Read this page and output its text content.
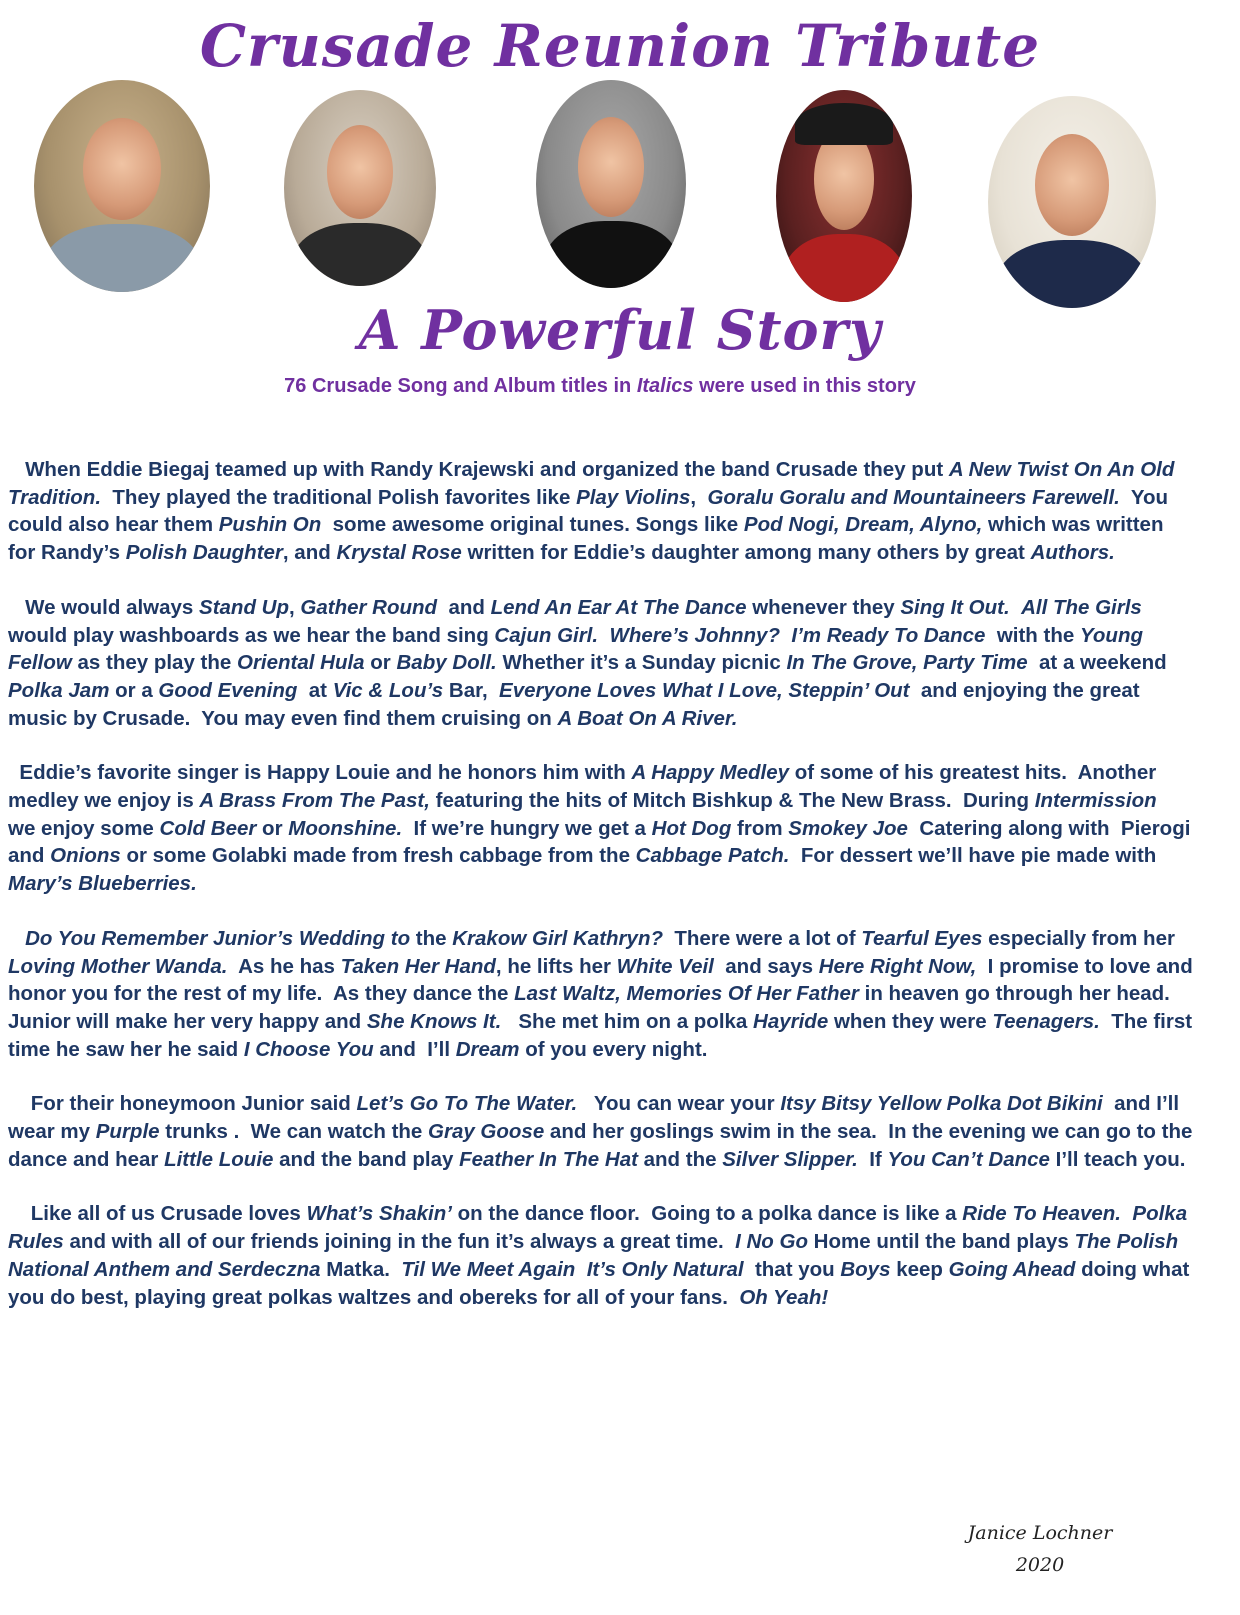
Crusade Reunion Tribute
A Powerful Story
76 Crusade Song and Album titles in Italics were used in this story

When Eddie Biegaj teamed up with Randy Krajewski and organized the band Crusade they put A New Twist On An Old Tradition.  They played the traditional Polish favorites like Play Violins,  Goralu Goralu and Mountaineers Farewell.  You could also hear them Pushin On  some awesome original tunes. Songs like Pod Nogi, Dream, Alyno, which was written for Randy’s Polish Daughter, and Krystal Rose written for Eddie’s daughter among many others by great Authors.

We would always Stand Up, Gather Round  and Lend An Ear At The Dance whenever they Sing It Out. All The Girls  would play washboards as we hear the band sing Cajun Girl. Where’s Johnny? I’m Ready To Dance  with the Young Fellow as they play the Oriental Hula or Baby Doll. Whether it’s a Sunday picnic In The Grove, Party Time  at a weekend Polka Jam or a Good Evening  at Vic & Lou’s Bar,  Everyone Loves What I Love, Steppin’ Out  and enjoying the great music by Crusade.  You may even find them cruising on A Boat On A River.

Eddie’s favorite singer is Happy Louie and he honors him with A Happy Medley of some of his greatest hits.  Another medley we enjoy is A Brass From The Past, featuring the hits of Mitch Bishkup & The New Brass.  During Intermission  we enjoy some Cold Beer or Moonshine.  If we’re hungry we get a Hot Dog from Smokey Joe  Catering along with  Pierogi and Onions or some Golabki made from fresh cabbage from the Cabbage Patch.  For dessert we’ll have pie made with  Mary’s Blueberries.

Do You Remember Junior’s Wedding to the Krakow Girl Kathryn?  There were a lot of Tearful Eyes especially from her Loving Mother Wanda.  As he has Taken Her Hand, he lifts her White Veil  and says Here Right Now,  I promise to love and honor you for the rest of my life.  As they dance the Last Waltz, Memories Of Her Father in heaven go through her head. Junior will make her very happy and She Knows It.   She met him on a polka Hayride when they were Teenagers.  The first time he saw her he said I Choose You and  I’ll Dream of you every night.

For their honeymoon Junior said Let’s Go To The Water.   You can wear your Itsy Bitsy Yellow Polka Dot Bikini  and I’ll wear my Purple trunks .  We can watch the Gray Goose and her goslings swim in the sea.  In the evening we can go to the dance and hear Little Louie and the band play Feather In The Hat and the Silver Slipper.  If You Can’t Dance I’ll teach you.

Like all of us Crusade loves What’s Shakin’ on the dance floor.  Going to a polka dance is like a Ride To Heaven. Polka Rules and with all of our friends joining in the fun it’s always a great time.  I No Go Home until the band plays The Polish National Anthem and Serdeczna Matka.  Til We Meet Again It’s Only Natural  that you Boys keep Going Ahead doing what you do best, playing great polkas waltzes and obereks for all of your fans.  Oh Yeah!

Janice Lochner
2020
